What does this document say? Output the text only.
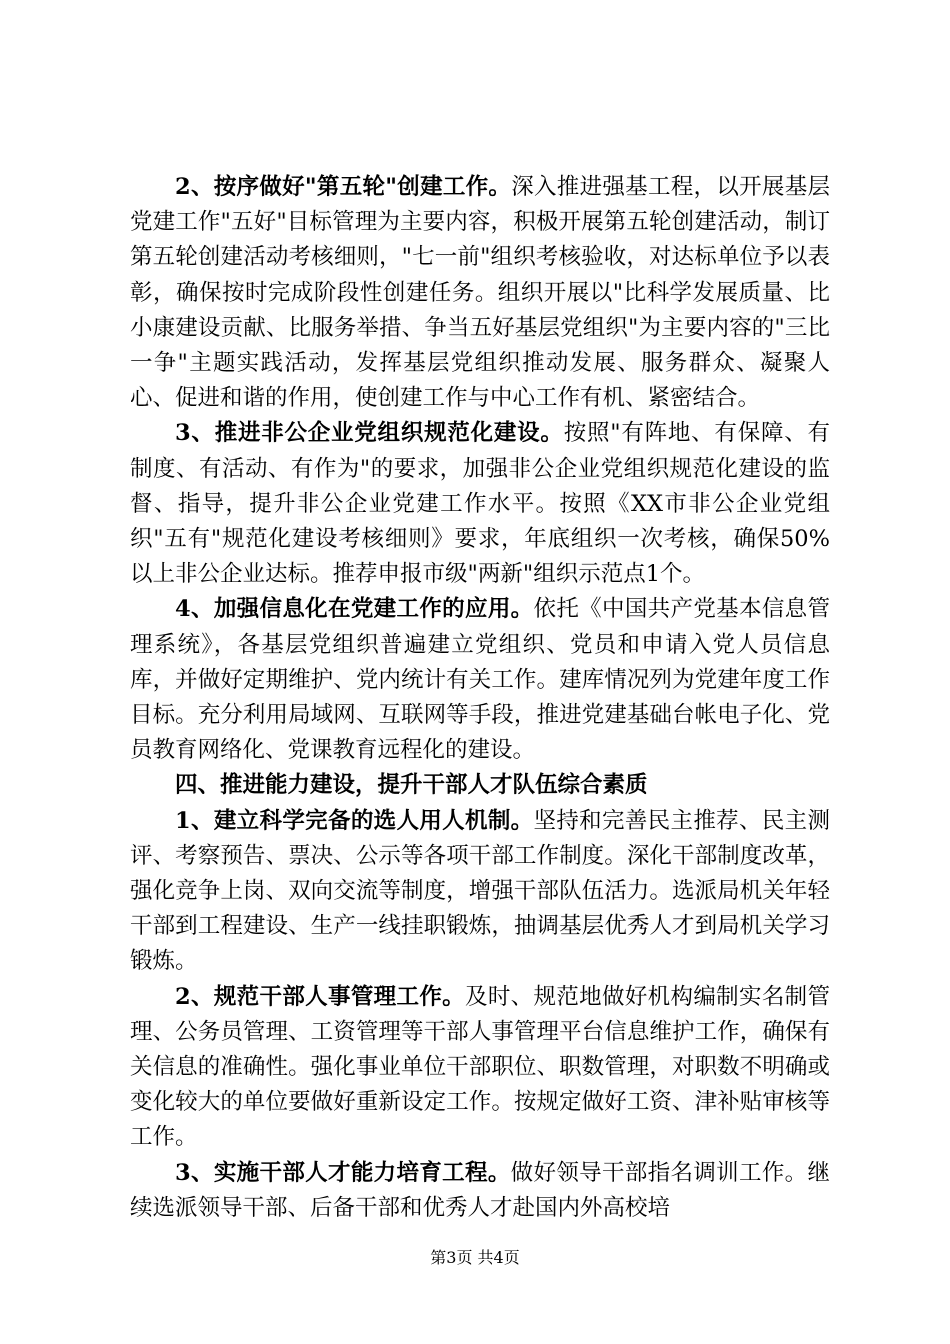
2、按序做好"第五轮"创建工作。深入推进强基工程，以开展基层党建工作"五好"目标管理为主要内容，积极开展第五轮创建活动，制订第五轮创建活动考核细则，"七一前"组织考核验收，对达标单位予以表彰，确保按时完成阶段性创建任务。组织开展以"比科学发展质量、比小康建设贡献、比服务举措、争当五好基层党组织"为主要内容的"三比一争"主题实践活动，发挥基层党组织推动发展、服务群众、凝聚人心、促进和谐的作用，使创建工作与中心工作有机、紧密结合。

3、推进非公企业党组织规范化建设。按照"有阵地、有保障、有制度、有活动、有作为"的要求，加强非公企业党组织规范化建设的监督、指导，提升非公企业党建工作水平。按照《XX市非公企业党组织"五有"规范化建设考核细则》要求，年底组织一次考核，确保50%以上非公企业达标。推荐申报市级"两新"组织示范点1个。

4、加强信息化在党建工作的应用。依托《中国共产党基本信息管理系统》，各基层党组织普遍建立党组织、党员和申请入党人员信息库，并做好定期维护、党内统计有关工作。建库情况列为党建年度工作目标。充分利用局域网、互联网等手段，推进党建基础台帐电子化、党员教育网络化、党课教育远程化的建设。

四、推进能力建设，提升干部人才队伍综合素质

1、建立科学完备的选人用人机制。坚持和完善民主推荐、民主测评、考察预告、票决、公示等各项干部工作制度。深化干部制度改革，强化竞争上岗、双向交流等制度，增强干部队伍活力。选派局机关年轻干部到工程建设、生产一线挂职锻炼，抽调基层优秀人才到局机关学习锻炼。

2、规范干部人事管理工作。及时、规范地做好机构编制实名制管理、公务员管理、工资管理等干部人事管理平台信息维护工作，确保有关信息的准确性。强化事业单位干部职位、职数管理，对职数不明确或变化较大的单位要做好重新设定工作。按规定做好工资、津补贴审核等工作。

3、实施干部人才能力培育工程。做好领导干部指名调训工作。继续选派领导干部、后备干部和优秀人才赴国内外高校培

第3页 共4页
